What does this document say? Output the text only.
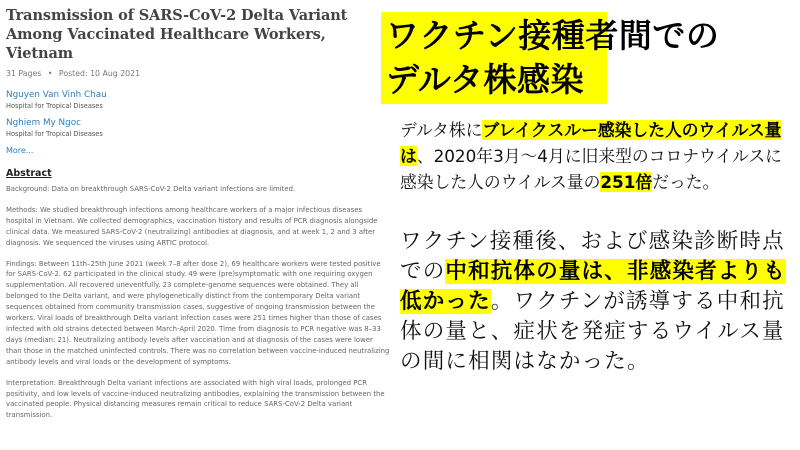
Transmission of SARS-CoV-2 Delta Variant Among Vaccinated Healthcare Workers, Vietnam
31 Pages • Posted: 10 Aug 2021
Nguyen Van Vinh Chau
Hospital for Tropical Diseases
Nghiem My Ngoc
Hospital for Tropical Diseases
More...
Abstract

Background: Data on breakthrough SARS-CoV-2 Delta variant infections are limited.

Methods: We studied breakthrough infections among healthcare workers of a major infectious diseases hospital in Vietnam. We collected demographics, vaccination history and results of PCR diagnosis alongside clinical data. We measured SARS-CoV-2 (neutralizing) antibodies at diagnosis, and at week 1, 2 and 3 after diagnosis. We sequenced the viruses using ARTIC protocol.

Findings: Between 11th–25th June 2021 (week 7–8 after dose 2), 69 healthcare workers were tested positive for SARS-CoV-2. 62 participated in the clinical study. 49 were (pre)symptomatic with one requiring oxygen supplementation. All recovered uneventfully. 23 complete-genome sequences were obtained. They all belonged to the Delta variant, and were phylogenetically distinct from the contemporary Delta variant sequences obtained from community transmission cases, suggestive of ongoing transmission between the workers. Viral loads of breakthrough Delta variant infection cases were 251 times higher than those of cases infected with old strains detected between March-April 2020. Time from diagnosis to PCR negative was 8–33 days (median: 21). Neutralizing antibody levels after vaccination and at diagnosis of the cases were lower than those in the matched uninfected controls. There was no correlation between vaccine-induced neutralizing antibody levels and viral loads or the development of symptoms.

Interpretation: Breakthrough Delta variant infections are associated with high viral loads, prolonged PCR positivity, and low levels of vaccine-induced neutralizing antibodies, explaining the transmission between the vaccinated people. Physical distancing measures remain critical to reduce SARS-CoV-2 Delta variant transmission.

ワクチン接種者間での
デルタ株感染

デルタ株にブレイクスルー感染した人のウイルス量は、2020年3月〜4月に旧来型のコロナウイルスに感染した人のウイルス量の251倍だった。

ワクチン接種後、および感染診断時点での中和抗体の量は、非感染者よりも低かった。ワクチンが誘導する中和抗体の量と、症状を発症するウイルス量の間に相関はなかった。
